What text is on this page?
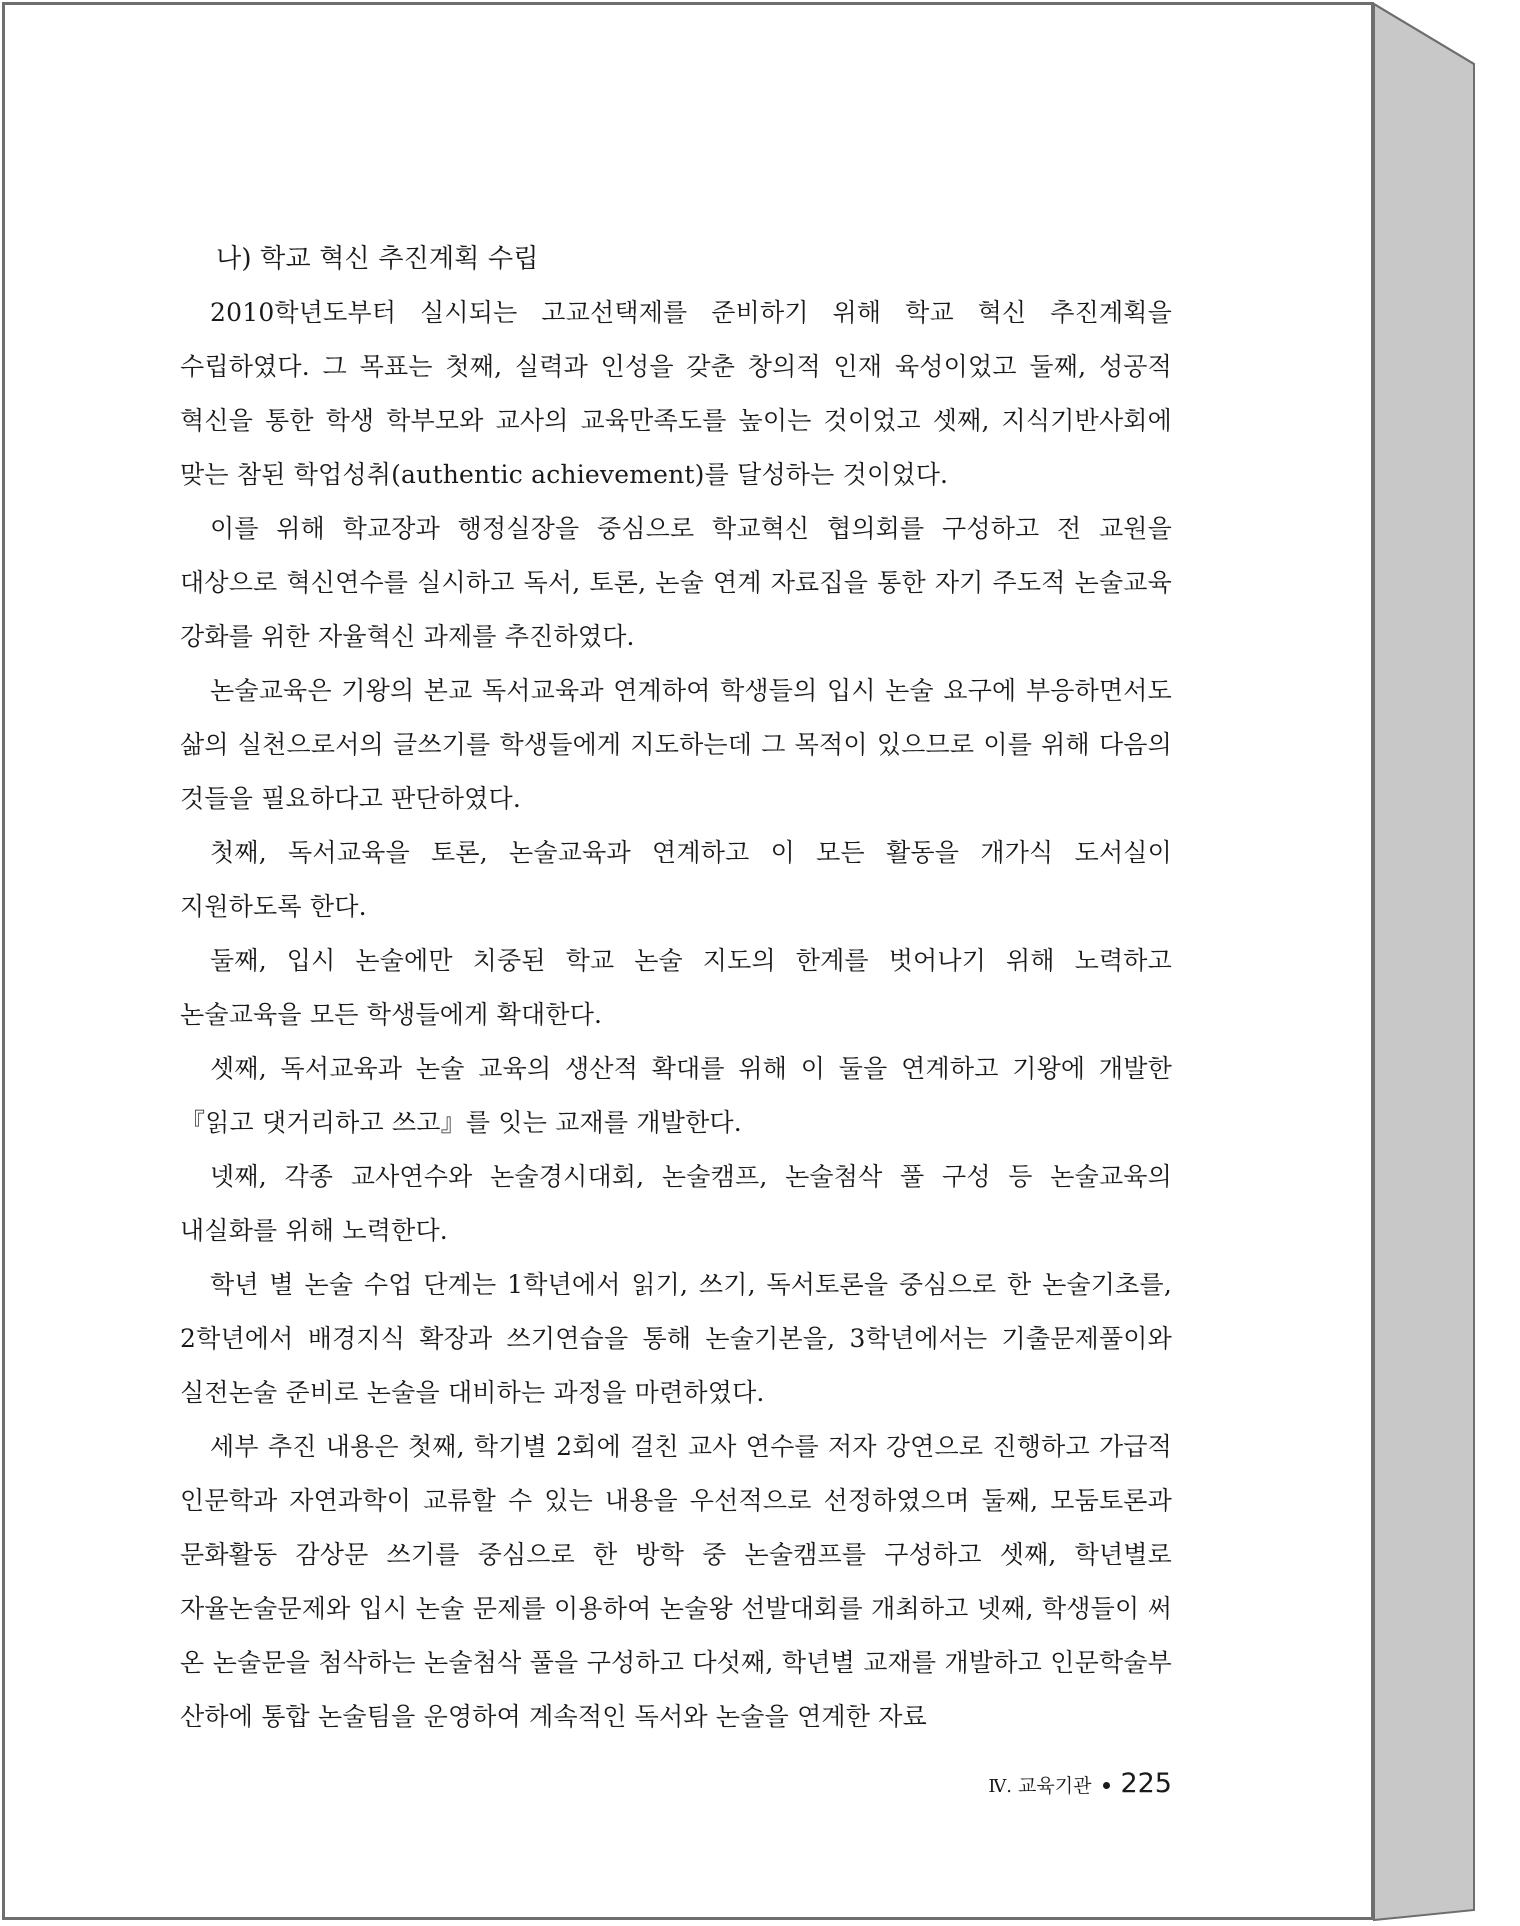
나) 학교 혁신 추진계획 수립

2010학년도부터 실시되는 고교선택제를 준비하기 위해 학교 혁신 추진계획을 수립하였다. 그 목표는 첫째, 실력과 인성을 갖춘 창의적 인재 육성이었고 둘째, 성공적 혁신을 통한 학생 학부모와 교사의 교육만족도를 높이는 것이었고 셋째, 지식기반사회에 맞는 참된 학업성취(authentic achievement)를 달성하는 것이었다.

이를 위해 학교장과 행정실장을 중심으로 학교혁신 협의회를 구성하고 전 교원을 대상으로 혁신연수를 실시하고 독서, 토론, 논술 연계 자료집을 통한 자기 주도적 논술교육 강화를 위한 자율혁신 과제를 추진하였다.

논술교육은 기왕의 본교 독서교육과 연계하여 학생들의 입시 논술 요구에 부응하면서도 삶의 실천으로서의 글쓰기를 학생들에게 지도하는데 그 목적이 있으므로 이를 위해 다음의 것들을 필요하다고 판단하였다.

첫째, 독서교육을 토론, 논술교육과 연계하고 이 모든 활동을 개가식 도서실이 지원하도록 한다.

둘째, 입시 논술에만 치중된 학교 논술 지도의 한계를 벗어나기 위해 노력하고 논술교육을 모든 학생들에게 확대한다.

셋째, 독서교육과 논술 교육의 생산적 확대를 위해 이 둘을 연계하고 기왕에 개발한『읽고 댓거리하고 쓰고』를 잇는 교재를 개발한다.

넷째, 각종 교사연수와 논술경시대회, 논술캠프, 논술첨삭 풀 구성 등 논술교육의 내실화를 위해 노력한다.

학년 별 논술 수업 단계는 1학년에서 읽기, 쓰기, 독서토론을 중심으로 한 논술기초를, 2학년에서 배경지식 확장과 쓰기연습을 통해 논술기본을, 3학년에서는 기출문제풀이와 실전논술 준비로 논술을 대비하는 과정을 마련하였다.

세부 추진 내용은 첫째, 학기별 2회에 걸친 교사 연수를 저자 강연으로 진행하고 가급적 인문학과 자연과학이 교류할 수 있는 내용을 우선적으로 선정하였으며 둘째, 모둠토론과 문화활동 감상문 쓰기를 중심으로 한 방학 중 논술캠프를 구성하고 셋째, 학년별로 자율논술문제와 입시 논술 문제를 이용하여 논술왕 선발대회를 개최하고 넷째, 학생들이 써 온 논술문을 첨삭하는 논술첨삭 풀을 구성하고 다섯째, 학년별 교재를 개발하고 인문학술부 산하에 통합 논술팀을 운영하여 계속적인 독서와 논술을 연계한 자료

Ⅳ. 교육기관 225
